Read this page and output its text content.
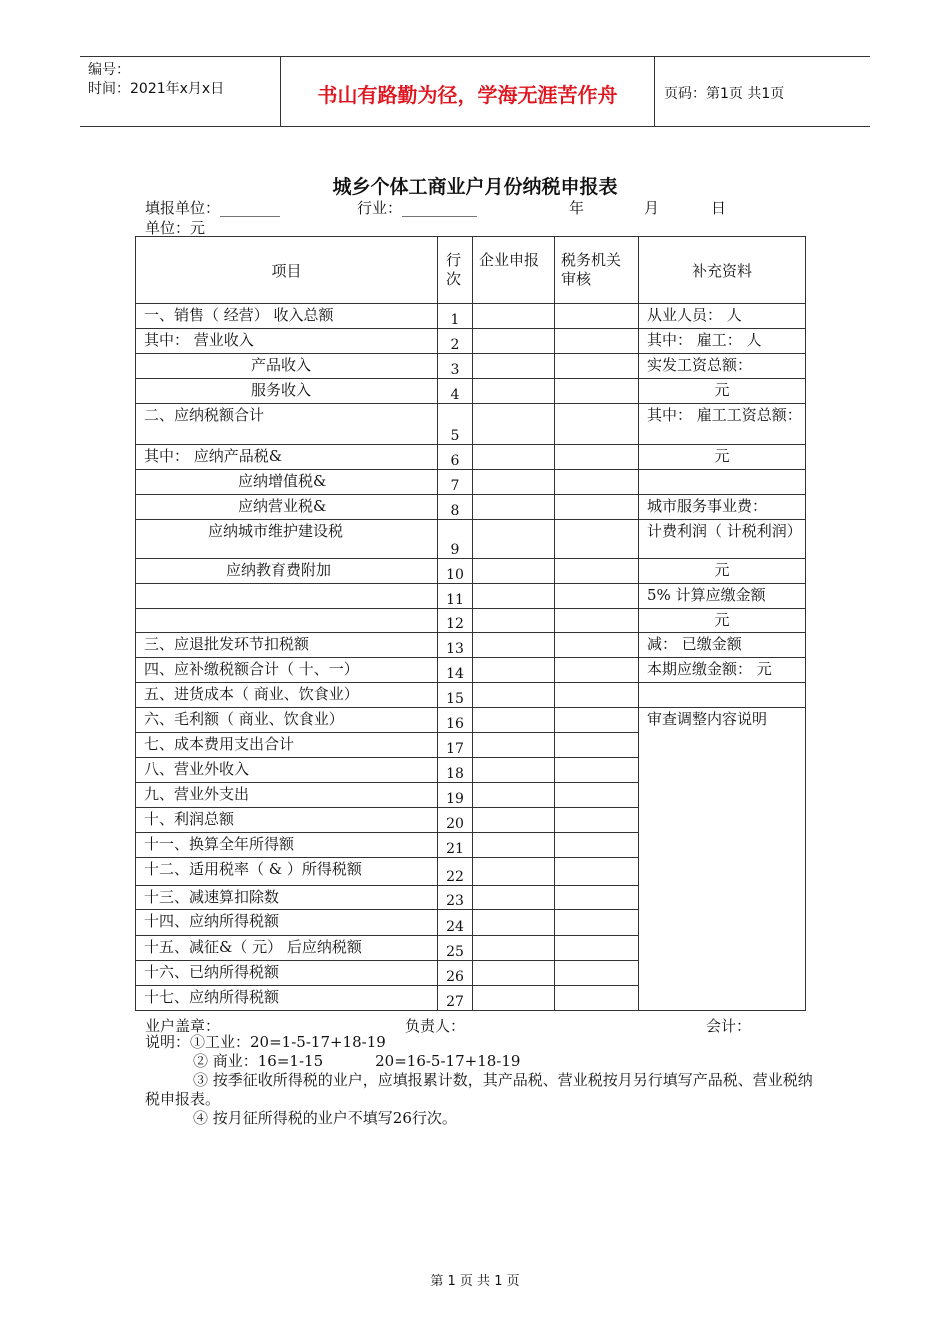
编号：
时间：2021年x月x日	书山有路勤为径，学海无涯苦作舟	页码：第1页 共1页
城乡个体工商业户月份纳税申报表
填报单位：________	行业：__________	年	月	日
单位：元
项目	行次	企业申报	税务机关审核	补充资料
一、销售（ 经营） 收入总额	1			从业人员： 人
其中： 营业收入	2			其中： 雇工： 人
产品收入	3			实发工资总额：
服务收入	4			元
二、应纳税额合计	5			其中： 雇工工资总额：
其中： 应纳产品税&	6			元
应纳增值税&	7			
应纳营业税&	8			城市服务事业费：
应纳城市维护建设税	9			计费利润（ 计税利润）
应纳教育费附加	10			元
	11			5% 计算应缴金额
	12			元
三、应退批发环节扣税额	13			减： 已缴金额
四、应补缴税额合计（ 十、一）	14			本期应缴金额： 元
五、进货成本（ 商业、饮食业）	15			
六、毛利额（ 商业、饮食业）	16			审查调整内容说明
七、成本费用支出合计	17			
八、营业外收入	18			
九、营业外支出	19			
十、利润总额	20			
十一、换算全年所得额	21			
十二、适用税率（ & ）所得税额	22			
十三、减速算扣除数	23			
十四、应纳所得税额	24			
十五、减征&（ 元） 后应纳税额	25			
十六、已纳所得税额	26			
十七、应纳所得税额	27			
业户盖章：	负责人：	会计：
说明：①工业：20=1-5-17+18-19
② 商业：16=1-15	20=16-5-17+18-19
③ 按季征收所得税的业户，应填报累计数，其产品税、营业税按月另行填写产品税、营业税纳税申报表。
④ 按月征所得税的业户不填写26行次。
第 1 页 共 1 页
